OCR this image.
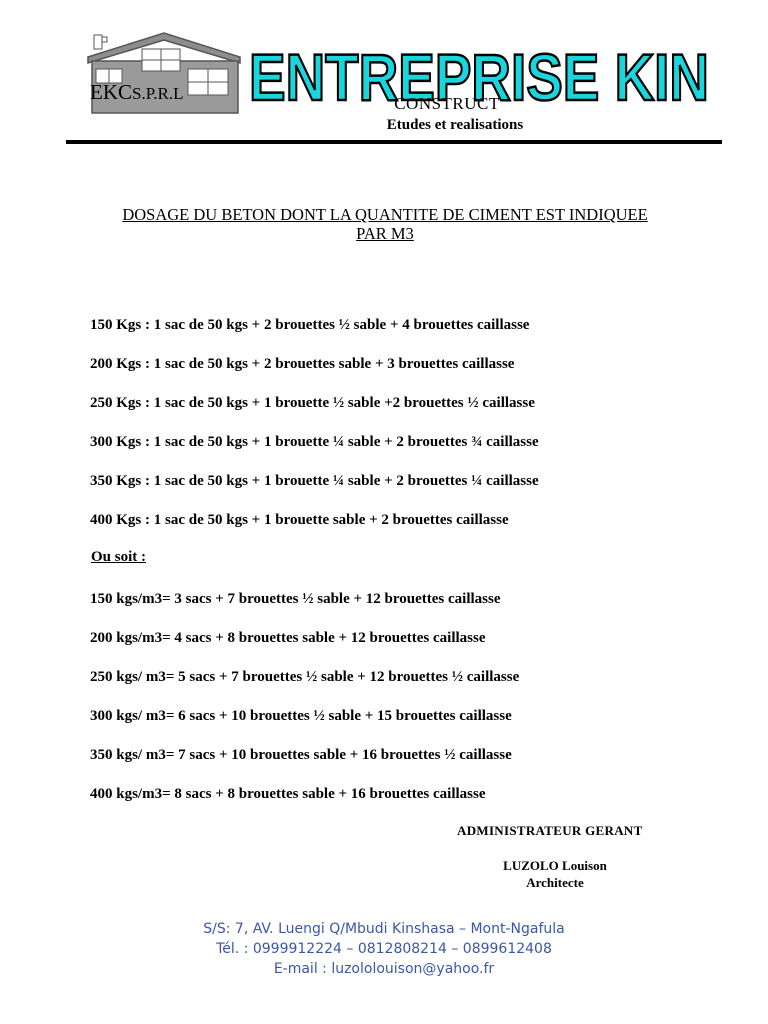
EKCS.P.R.L ENTREPRISE KIN
CONSTRUCT
Etudes et realisations
DOSAGE DU BETON DONT LA QUANTITE DE CIMENT EST INDIQUEE
PAR M3
150 Kgs : 1 sac de 50 kgs + 2 brouettes ½ sable + 4 brouettes caillasse
200 Kgs : 1 sac de 50 kgs + 2 brouettes sable + 3 brouettes caillasse
250 Kgs : 1 sac de 50 kgs + 1 brouette ½ sable +2 brouettes ½ caillasse
300 Kgs : 1 sac de 50 kgs + 1 brouette ¼ sable + 2 brouettes ¾ caillasse
350 Kgs : 1 sac de 50 kgs + 1 brouette ¼ sable + 2 brouettes ¼ caillasse
400 Kgs : 1 sac de 50 kgs + 1 brouette sable + 2 brouettes caillasse
Ou soit :
150 kgs/m3= 3 sacs + 7 brouettes ½ sable + 12 brouettes caillasse
200 kgs/m3= 4 sacs + 8 brouettes sable + 12 brouettes caillasse
250 kgs/ m3= 5 sacs + 7 brouettes ½ sable + 12 brouettes ½ caillasse
300 kgs/ m3= 6 sacs + 10 brouettes ½ sable + 15 brouettes caillasse
350 kgs/ m3= 7 sacs + 10 brouettes sable + 16 brouettes ½ caillasse
400 kgs/m3= 8 sacs + 8 brouettes sable + 16 brouettes caillasse
ADMINISTRATEUR GERANT
LUZOLO Louison
Architecte
S/S: 7, AV. Luengi Q/Mbudi Kinshasa – Mont-Ngafula
Tél. : 0999912224 – 0812808214 – 0899612408
E-mail : luzololouison@yahoo.fr
